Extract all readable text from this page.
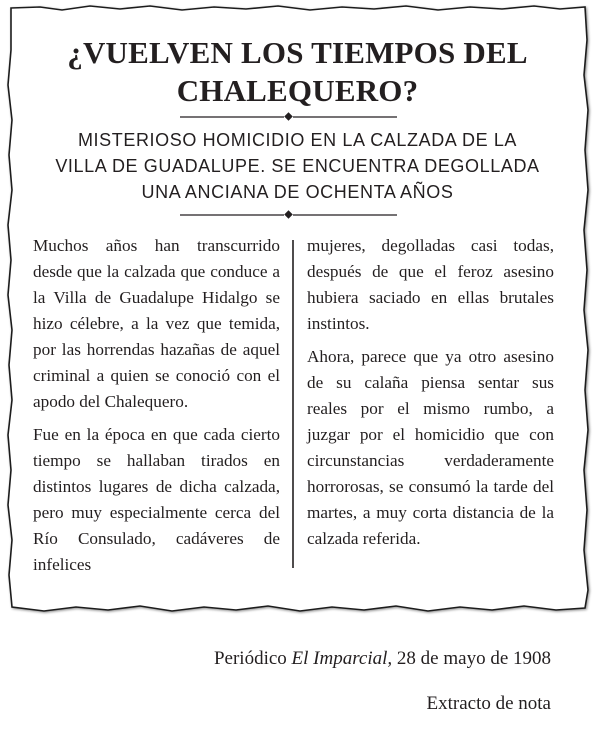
¿VUELVEN LOS TIEMPOS DEL
CHALEQUERO?
MISTERIOSO HOMICIDIO EN LA CALZADA DE LA
VILLA DE GUADALUPE. SE ENCUENTRA DEGOLLADA
UNA ANCIANA DE OCHENTA AÑOS

Muchos años han transcurrido desde que la calzada que conduce a la Villa de Guadalupe Hidalgo se hizo célebre, a la vez que temida, por las horrendas hazañas de aquel criminal a quien se conoció con el apodo del Chalequero.

Fue en la época en que cada cierto tiempo se hallaban tirados en distintos lugares de dicha calzada, pero muy especialmente cerca del Río Consulado, cadáveres de infelices

mujeres, degolladas casi todas, después de que el feroz asesino hubiera saciado en ellas brutales instintos.

Ahora, parece que ya otro asesino de su calaña piensa sentar sus reales por el mismo rumbo, a juzgar por el homicidio que con circunstancias verdaderamente horrorosas, se consumó la tarde del martes, a muy corta distancia de la calzada referida.

Periódico El Imparcial, 28 de mayo de 1908
Extracto de nota
